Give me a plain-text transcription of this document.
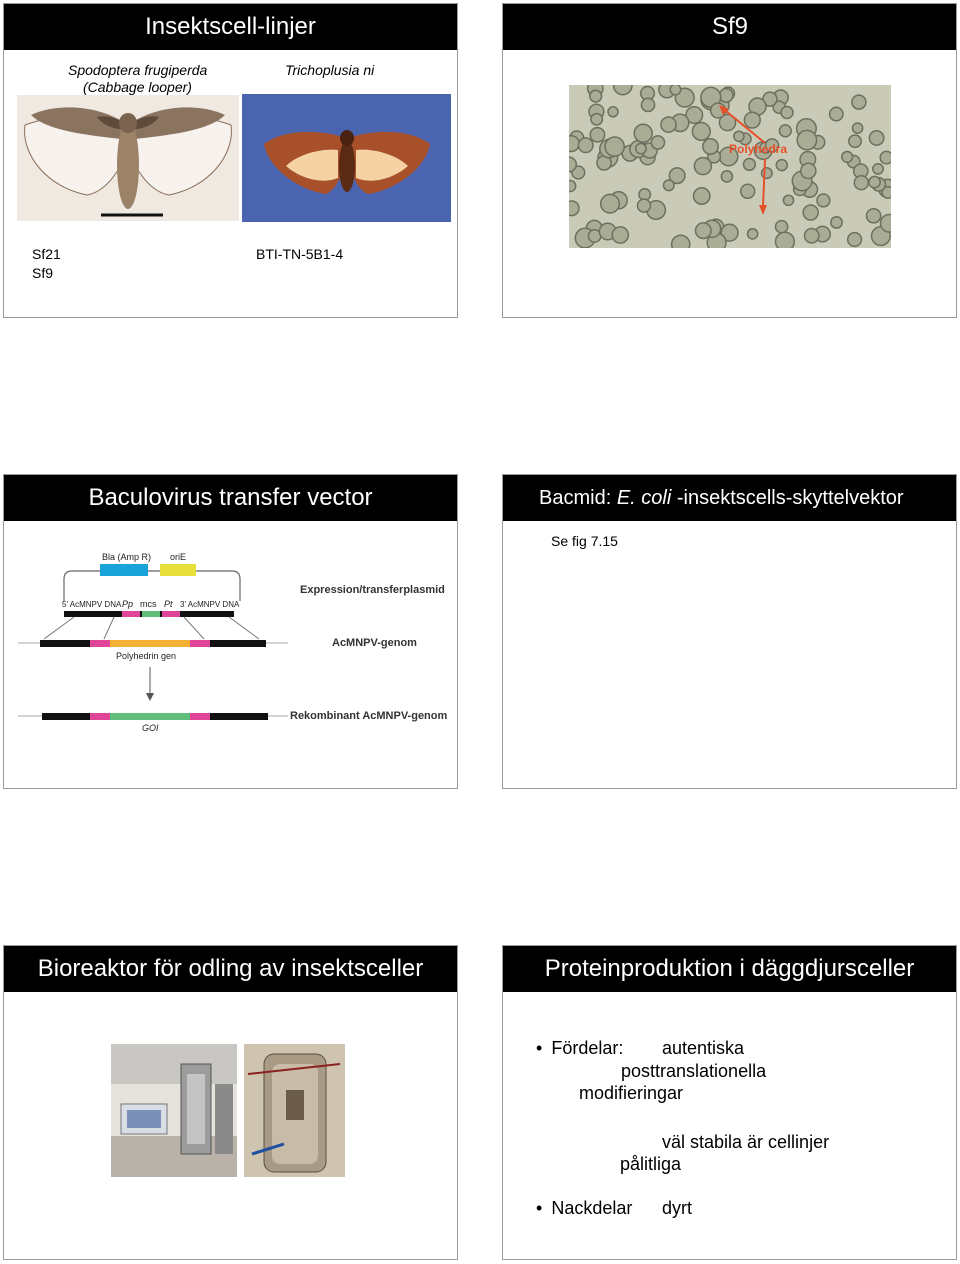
Insektscell-linjer
Spodoptera frugiperda
(Cabbage looper)
Trichoplusia ni
Sf21
Sf9
BTI-TN-5B1-4
Sf9
Polyhedra
Baculovirus transfer vector
Bla (Amp R) oriE
Expression/transferplasmid
5' AcMNPV DNA Pp mcs Pt 3' AcMNPV DNA
AcMNPV-genom
Polyhedrin gen
Rekombinant AcMNPV-genom
GOI
Bacmid: E. coli -insektscells-skyttelvektor
Se fig 7.15
Bioreaktor för odling av insektsceller	Proteinproduktion i däggdjursceller
• Fördelar: autentiska
posttranslationella
modifieringar
väl stabila är cellinjer
pålitliga
• Nackdelar dyrt
